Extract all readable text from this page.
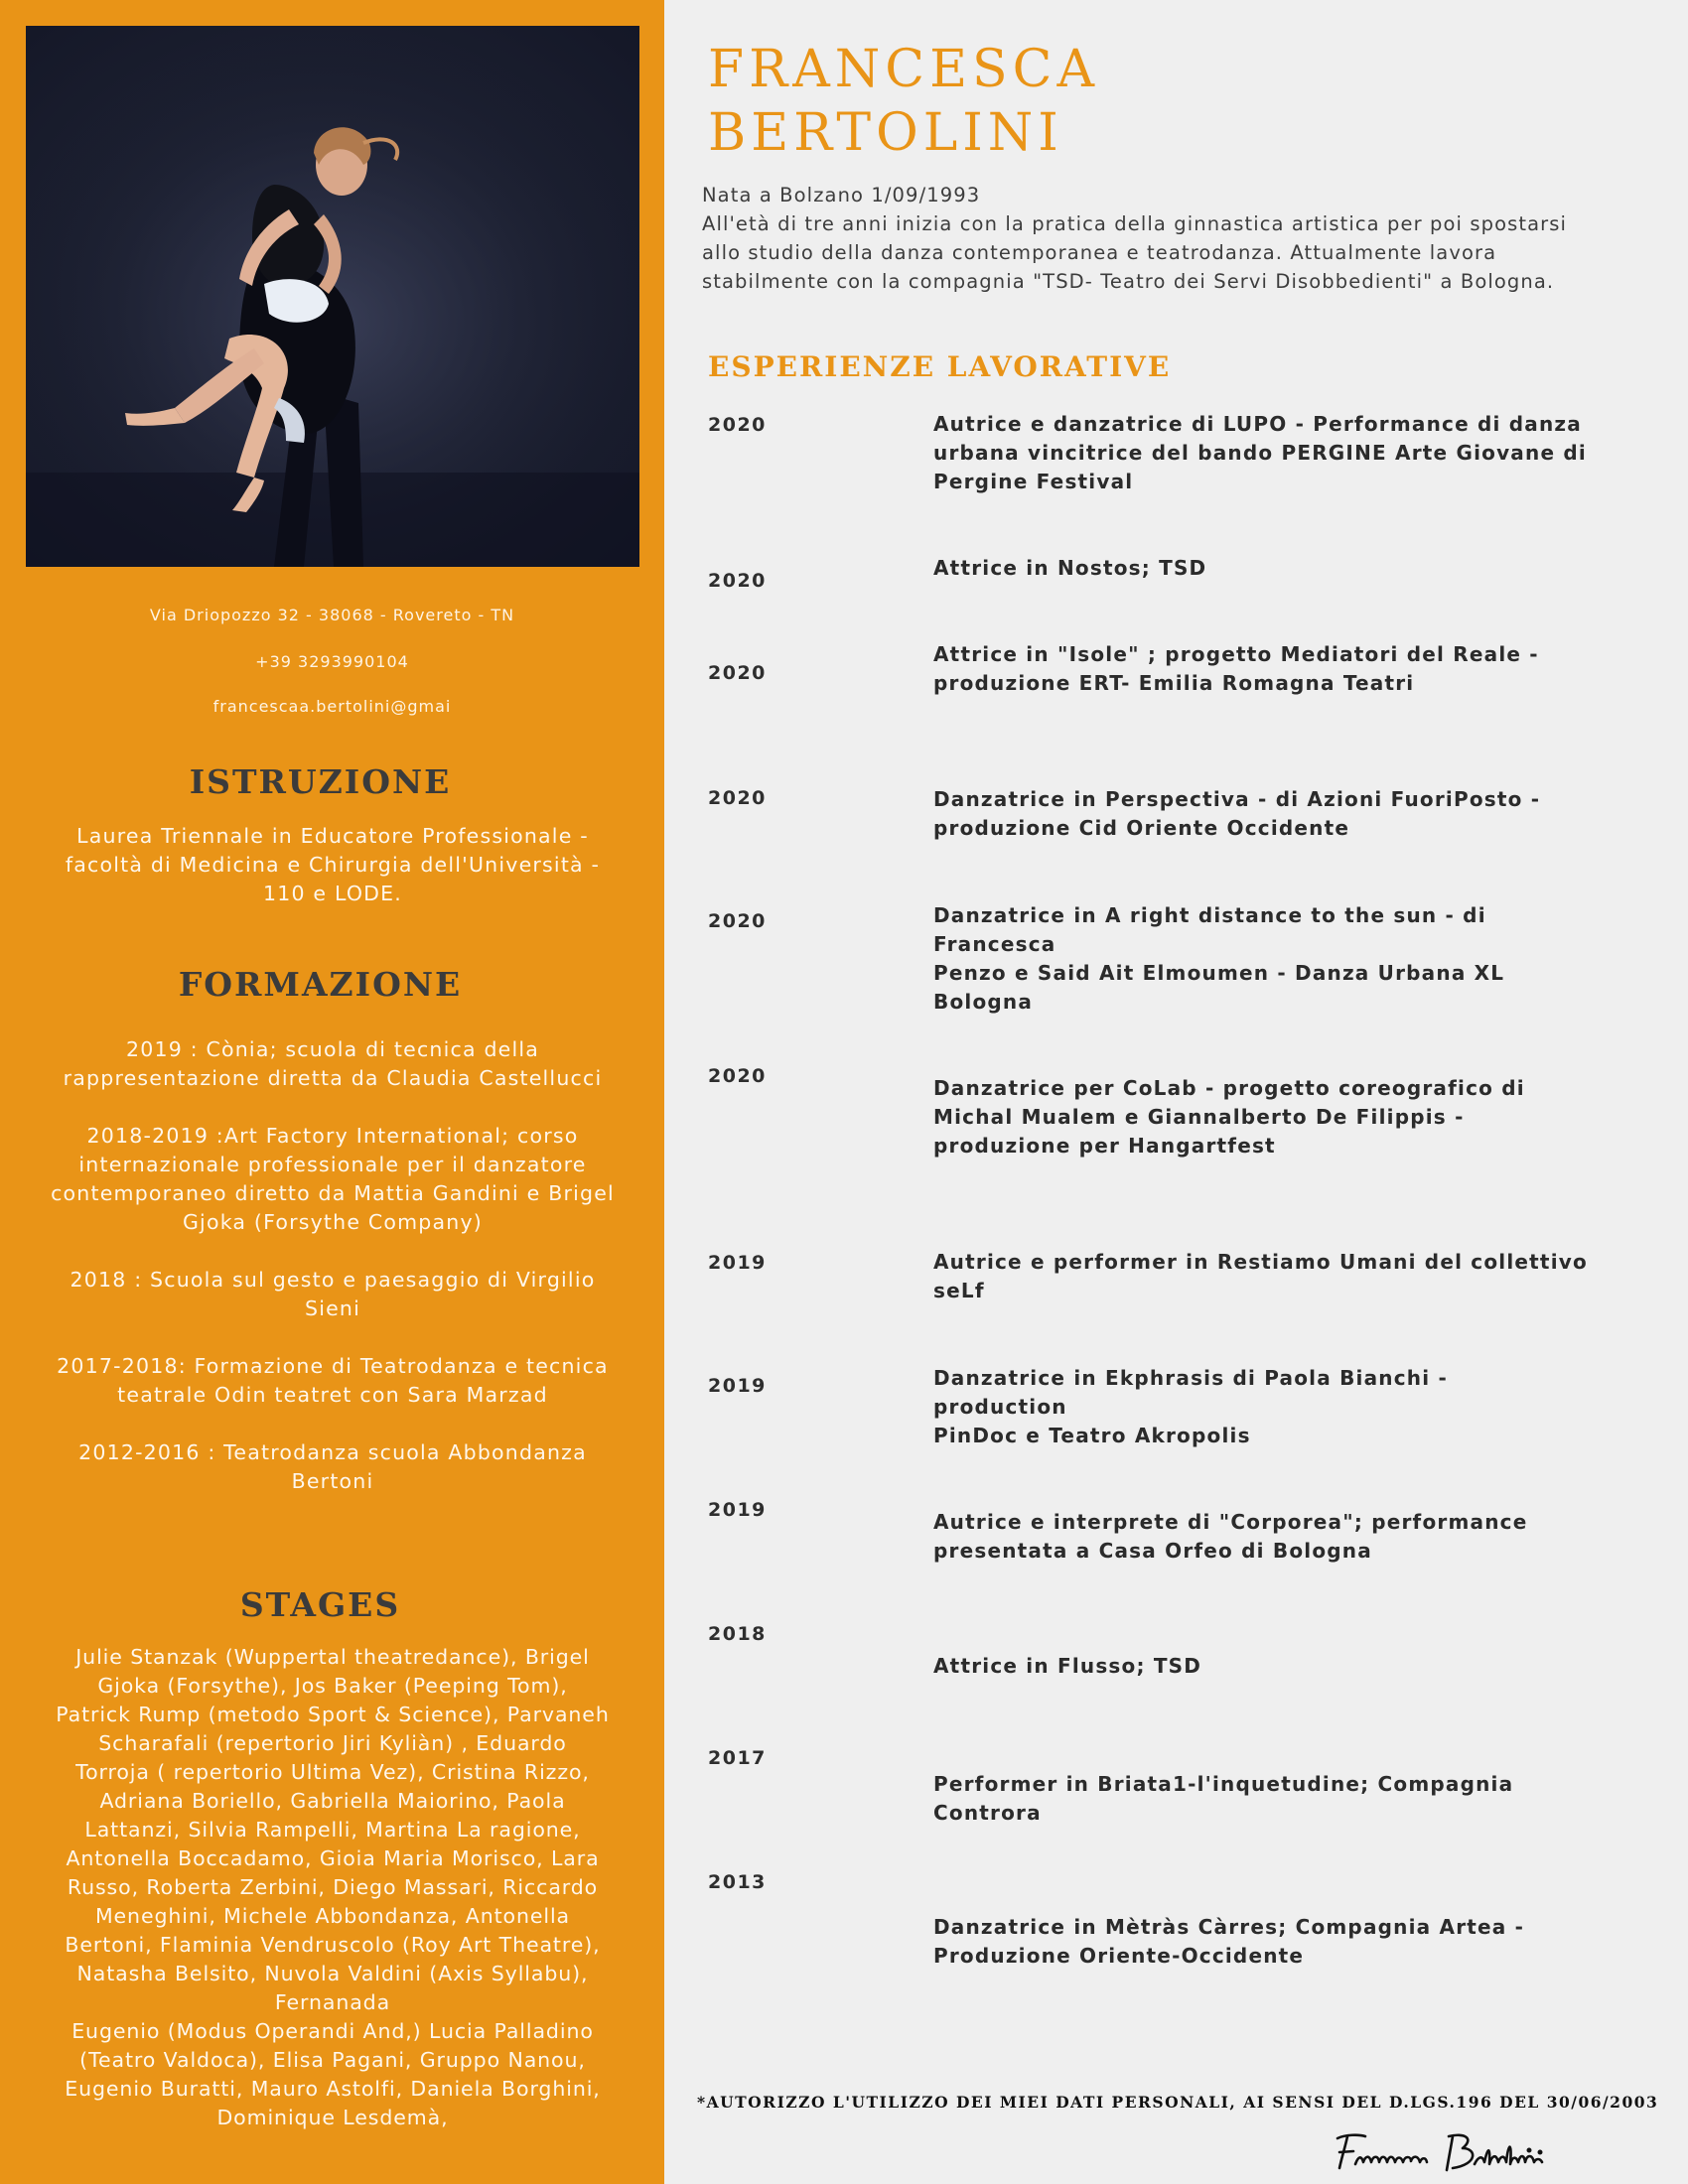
Via Driopozzo 32 - 38068 - Rovereto - TN
+39 3293990104
francescaa.bertolini@gmai
ISTRUZIONE
Laurea Triennale in Educatore Professionale -
facoltà di Medicina e Chirurgia dell'Università -
110 e LODE.
FORMAZIONE
2019 : Cònia; scuola di tecnica della
rappresentazione diretta da Claudia Castellucci
2018-2019 :Art Factory International; corso
internazionale professionale per il danzatore
contemporaneo diretto da Mattia Gandini e Brigel
Gjoka (Forsythe Company)
2018 : Scuola sul gesto e paesaggio di Virgilio
Sieni
2017-2018: Formazione di Teatrodanza e tecnica
teatrale Odin teatret con Sara Marzad
2012-2016 : Teatrodanza scuola Abbondanza
Bertoni
STAGES
Julie Stanzak (Wuppertal theatredance), Brigel
Gjoka (Forsythe), Jos Baker (Peeping Tom),
Patrick Rump (metodo Sport & Science), Parvaneh
Scharafali (repertorio Jiri Kyliàn) , Eduardo
Torroja ( repertorio Ultima Vez), Cristina Rizzo,
Adriana Boriello, Gabriella Maiorino, Paola
Lattanzi, Silvia Rampelli, Martina La ragione,
Antonella Boccadamo, Gioia Maria Morisco, Lara
Russo, Roberta Zerbini, Diego Massari, Riccardo
Meneghini, Michele Abbondanza, Antonella
Bertoni, Flaminia Vendruscolo (Roy Art Theatre),
Natasha Belsito, Nuvola Valdini (Axis Syllabu),
Fernanada
Eugenio (Modus Operandi And,) Lucia Palladino
(Teatro Valdoca), Elisa Pagani, Gruppo Nanou,
Eugenio Buratti, Mauro Astolfi, Daniela Borghini,
Dominique Lesdemà,
FRANCESCA
BERTOLINI
Nata a Bolzano 1/09/1993
All'età di tre anni inizia con la pratica della ginnastica artistica per poi spostarsi
allo studio della danza contemporanea e teatrodanza. Attualmente lavora
stabilmente con la compagnia "TSD- Teatro dei Servi Disobbedienti" a Bologna.
ESPERIENZE LAVORATIVE
2020	Autrice e danzatrice di LUPO - Performance di danza
urbana vincitrice del bando PERGINE Arte Giovane di
Pergine Festival
2020
Attrice in Nostos; TSD
2020
Attrice in "Isole" ; progetto Mediatori del Reale -
produzione ERT- Emilia Romagna Teatri
2020	Danzatrice in Perspectiva - di Azioni FuoriPosto -
produzione Cid Oriente Occidente
2020	Danzatrice in A right distance to the sun - di Francesca
Penzo e Said Ait Elmoumen - Danza Urbana XL
Bologna
2020	Danzatrice per CoLab - progetto coreografico di
Michal Mualem e Giannalberto De Filippis -
produzione per Hangartfest
2019	Autrice e performer in Restiamo Umani del collettivo
seLf
2019	Danzatrice in Ekphrasis di Paola Bianchi - production
PinDoc e Teatro Akropolis
2019	Autrice e interprete di "Corporea"; performance
presentata a Casa Orfeo di Bologna
2018
Attrice in Flusso; TSD
2017
Performer in Briata1-l'inquetudine; Compagnia
Controra
2013
Danzatrice in Mètràs Càrres; Compagnia Artea -
Produzione Oriente-Occidente
*AUTORIZZO L'UTILIZZO DEI MIEI DATI PERSONALI, AI SENSI DEL D.LGS.196 DEL 30/06/2003
